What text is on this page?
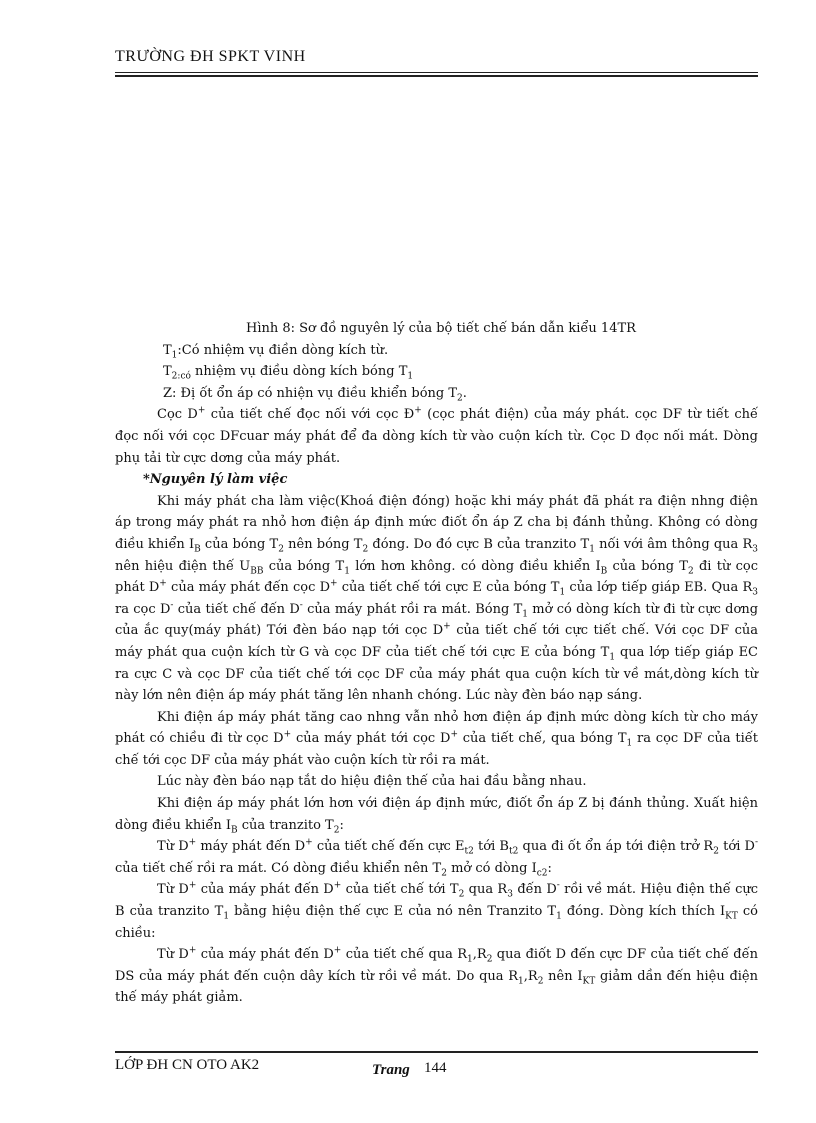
TRƯỜNG ĐH SPKT VINH

Hình 8: Sơ đồ nguyên lý của bộ tiết chế bán dẫn kiểu 14TR

$T_1:Có$ nhiệm vụ điền dòng kích từ.

$T_{2:có}$ nhiệm vụ điều dòng kích bóng $T_1$

Z: Đị ốt ổn áp có nhiện vụ điều khiển bóng $T_2$.

Cọc D+ của tiết chế đọc nối với cọc Đ+ (cọc phát điện) của máy phát. cọc DF từ tiết chế đọc nối với cọc DFcuar máy phát để đa dòng kích từ vào cuộn kích từ. Cọc D đọc nối mát. Dòng phụ tải từ cực dơng của máy phát.

*Nguyên lý làm việc

Khi máy phát cha làm việc(Khoá điện đóng) hoặc khi máy phát đã phát ra điện nhng điện áp trong máy phát ra nhỏ hơn điện áp định mức điốt ổn áp Z cha bị đánh thủng. Không có dòng điều khiển $I_B$ của bóng $T_2$ nên bóng $T_2$ đóng. Do đó cực B của tranzito $T_1$ nối với âm thông qua $R_3$ nên hiệu điện thế $U_{BB}$ của bóng $T_1$ lớn hơn không. có dòng điều khiển $I_B$ của bóng $T_2$ đi từ cọc phát D+ của máy phát đến cọc D+ của tiết chế tới cực E của bóng $T_1$ của lớp tiếp giáp EB. Qua $R_3$ ra cọc D- của tiết chế đến D- của máy phát rồi ra mát. Bóng $T_1$ mở có dòng kích từ đi từ cực dơng của ắc quy(máy phát) Tới đèn báo nạp tới cọc D+ của tiết chế tới cực tiết chế. Với cọc DF của máy phát qua cuộn kích từ G và cọc DF của tiết chế tới cực E của bóng $T_1$ qua lớp tiếp giáp EC ra cực C và cọc DF của tiết chế tới cọc DF của máy phát qua cuộn kích từ về mát,dòng kích từ này lớn nên điện áp máy phát tăng lên nhanh chóng. Lúc này đèn báo nạp sáng.

Khi điện áp máy phát tăng cao nhng vẫn nhỏ hơn điện áp định mức dòng kích từ cho máy phát có chiều đi từ cọc D+ của máy phát tới cọc D+ của tiết chế, qua bóng $T_1$ ra cọc DF của tiết chế tới cọc DF của máy phát vào cuộn kích từ rồi ra mát.

Lúc này đèn báo nạp tắt do hiệu điện thế của hai đầu bằng nhau.

Khi điện áp máy phát lớn hơn với điện áp định mức, điốt ổn áp Z bị đánh thủng. Xuất hiện dòng điều khiển $I_B$ của tranzito $T_2$:

Từ D+ máy phát đến D+ của tiết chế đến cực $E_{t2}$ tới $B_{t2}$ qua đi ốt ổn áp tới điện trở $R_2$ tới D- của tiết chế rồi ra mát. Có dòng điều khiển nên $T_2$ mở có dòng $I_{c2}$:

Từ D+ của máy phát đến D+ của tiết chế tới $T_2$ qua $R_3$ đến D- rồi về mát. Hiệu điện thế cực B của tranzito $T_1$ bằng hiệu điện thế cực E của nó nên Tranzito $T_1$ đóng. Dòng kích thích $I_{KT}$ có chiều:

Từ D+ của máy phát đến D+ của tiết chế qua $R_1,R_2$ qua điốt D đến cực DF của tiết chế đến DS của máy phát đến cuộn dây kích từ rồi về mát. Do qua $R_1,R_2$ nên $I_{KT}$ giảm dần đến hiệu điện thế máy phát giảm.

LỚP ĐH CN OTO AK2	Trang 144
